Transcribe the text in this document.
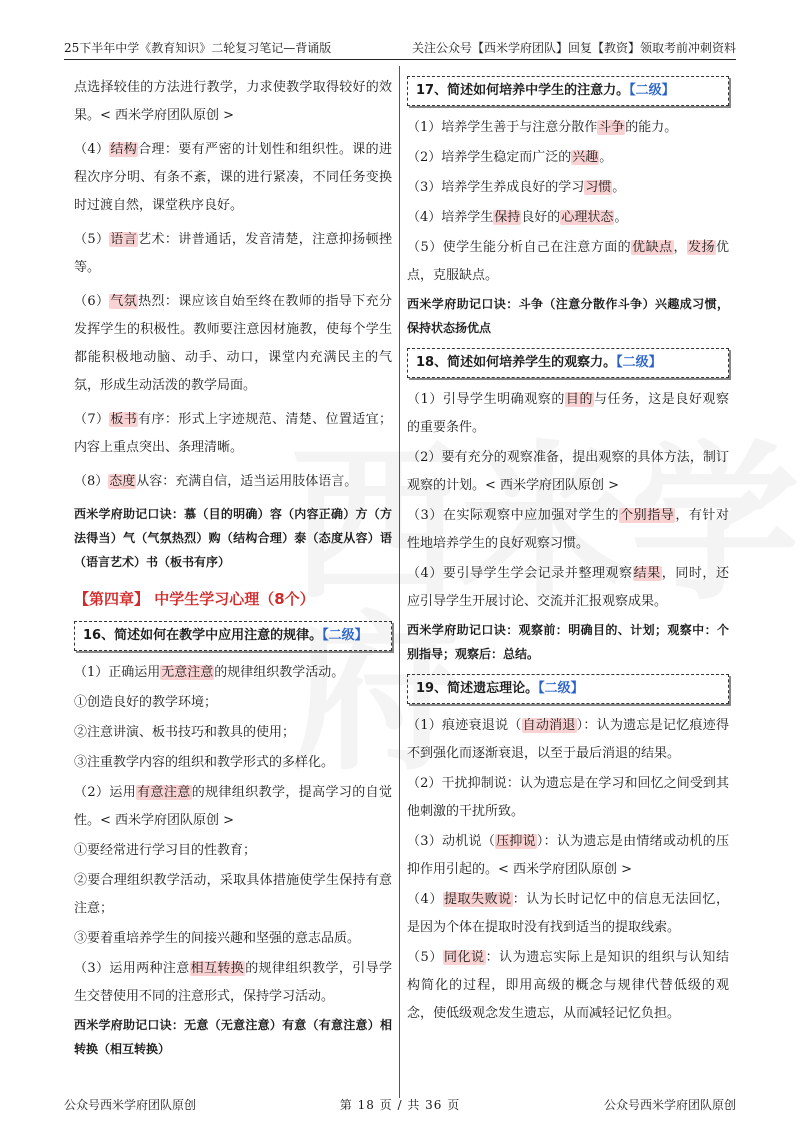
25下半年中学《教育知识》二轮复习笔记—背诵版	关注公众号【西米学府团队】回复【教资】领取考前冲刺资料
点选择较佳的方法进行教学，力求使教学取得较好的效果。< 西米学府团队原创 >
（4）结构合理：要有严密的计划性和组织性。课的进程次序分明、有条不紊，课的进行紧凑，不同任务变换时过渡自然，课堂秩序良好。
（5）语言艺术：讲普通话，发音清楚，注意抑扬顿挫等。
（6）气氛热烈：课应该自始至终在教师的指导下充分发挥学生的积极性。教师要注意因材施教，使每个学生都能积极地动脑、动手、动口，课堂内充满民主的气氛，形成生动活泼的教学局面。
（7）板书有序：形式上字迹规范、清楚、位置适宜；内容上重点突出、条理清晰。
（8）态度从容：充满自信，适当运用肢体语言。
西米学府助记口诀：慕（目的明确）容（内容正确）方（方法得当）气（气氛热烈）购（结构合理）泰（态度从容）语（语言艺术）书（板书有序）
【第四章】 中学生学习心理（8个）
16、简述如何在教学中应用注意的规律。【二级】
（1）正确运用无意注意的规律组织教学活动。
①创造良好的教学环境；
②注意讲演、板书技巧和教具的使用；
③注重教学内容的组织和教学形式的多样化。
（2）运用有意注意的规律组织教学，提高学习的自觉性。< 西米学府团队原创 >
①要经常进行学习目的性教育；
②要合理组织教学活动，采取具体措施使学生保持有意注意；
③要着重培养学生的间接兴趣和坚强的意志品质。
（3）运用两种注意相互转换的规律组织教学，引导学生交替使用不同的注意形式，保持学习活动。
西米学府助记口诀：无意（无意注意）有意（有意注意）相转换（相互转换）
17、简述如何培养中学生的注意力。【二级】
（1）培养学生善于与注意分散作斗争的能力。
（2）培养学生稳定而广泛的兴趣。
（3）培养学生养成良好的学习习惯。
（4）培养学生保持良好的心理状态。
（5）使学生能分析自己在注意方面的优缺点，发扬优点，克服缺点。
西米学府助记口诀：斗争（注意分散作斗争）兴趣成习惯，保持状态扬优点
18、简述如何培养学生的观察力。【二级】
（1）引导学生明确观察的目的与任务，这是良好观察的重要条件。
（2）要有充分的观察准备，提出观察的具体方法，制订观察的计划。< 西米学府团队原创 >
（3）在实际观察中应加强对学生的个别指导，有针对性地培养学生的良好观察习惯。
（4）要引导学生学会记录并整理观察结果，同时，还应引导学生开展讨论、交流并汇报观察成果。
西米学府助记口诀：观察前：明确目的、计划；观察中：个别指导；观察后：总结。
19、简述遗忘理论。【二级】
（1）痕迹衰退说（自动消退）：认为遗忘是记忆痕迹得不到强化而逐渐衰退，以至于最后消退的结果。
（2）干扰抑制说：认为遗忘是在学习和回忆之间受到其他刺激的干扰所致。
（3）动机说（压抑说）：认为遗忘是由情绪或动机的压抑作用引起的。< 西米学府团队原创 >
（4）提取失败说：认为长时记忆中的信息无法回忆，是因为个体在提取时没有找到适当的提取线索。
（5）同化说：认为遗忘实际上是知识的组织与认知结构简化的过程，即用高级的概念与规律代替低级的观念，使低级观念发生遗忘，从而减轻记忆负担。
公众号西米学府团队原创	第 18 页 / 共 36 页	公众号西米学府团队原创
